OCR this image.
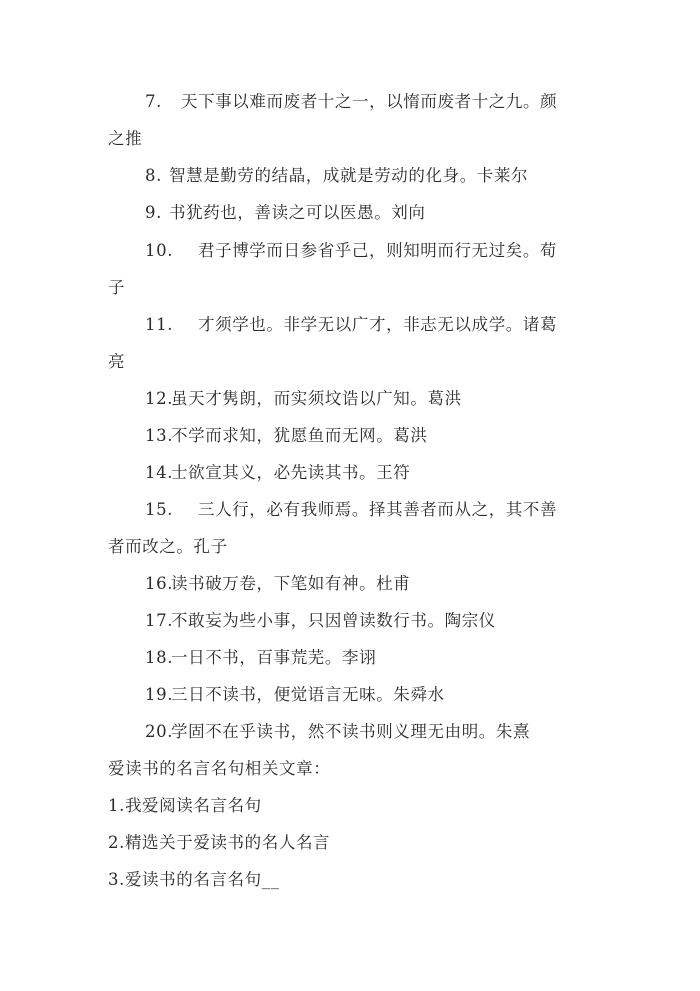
7. 天下事以难而废者十之一，以惰而废者十之九。颜
之推
8. 智慧是勤劳的结晶，成就是劳动的化身。卡莱尔
9. 书犹药也，善读之可以医愚。刘向
10. 君子博学而日参省乎己，则知明而行无过矣。荀
子
11. 才须学也。非学无以广才，非志无以成学。诸葛
亮
12.虽天才隽朗，而实须坟诰以广知。葛洪
13.不学而求知，犹愿鱼而无网。葛洪
14.士欲宣其义，必先读其书。王符
15. 三人行，必有我师焉。择其善者而从之，其不善
者而改之。孔子
16.读书破万卷，下笔如有神。杜甫
17.不敢妄为些小事，只因曾读数行书。陶宗仪
18.一日不书，百事荒芜。李诩
19.三日不读书，便觉语言无味。朱舜水
20.学固不在乎读书，然不读书则义理无由明。朱熹
爱读书的名言名句相关文章：
1.我爱阅读名言名句
2.精选关于爱读书的名人名言
3.爱读书的名言名句__
